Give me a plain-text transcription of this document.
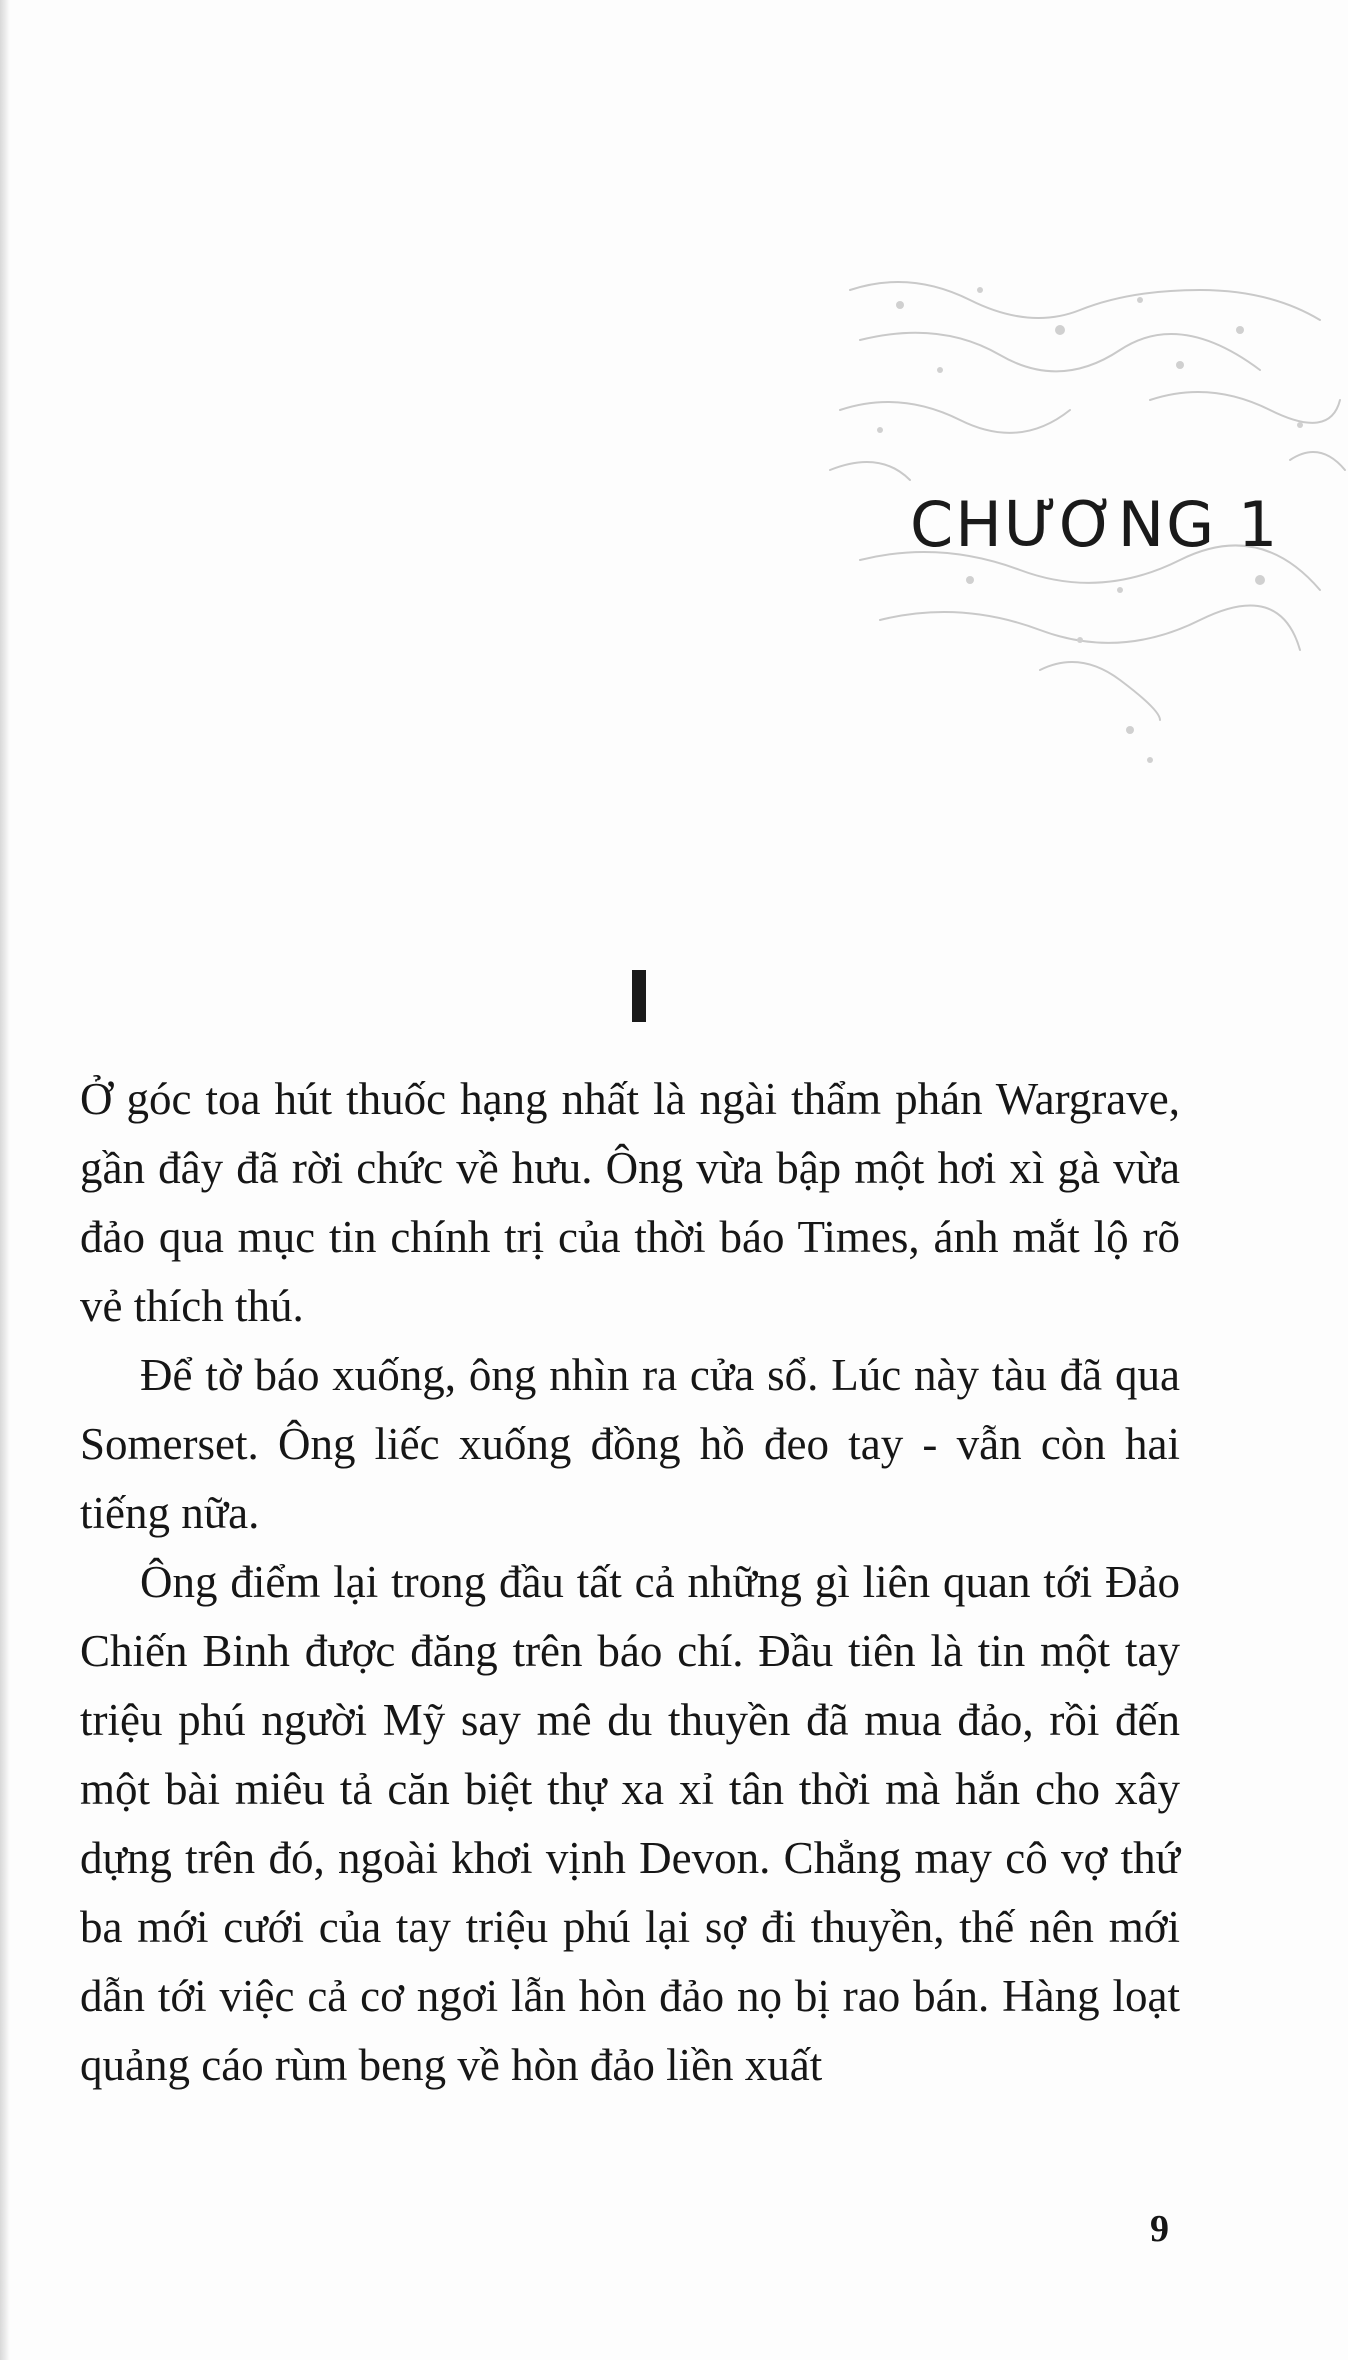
CHƯƠNG 1

Ở góc toa hút thuốc hạng nhất là ngài thẩm phán Wargrave, gần đây đã rời chức về hưu. Ông vừa bập một hơi xì gà vừa đảo qua mục tin chính trị của thời báo Times, ánh mắt lộ rõ vẻ thích thú.

Để tờ báo xuống, ông nhìn ra cửa sổ. Lúc này tàu đã qua Somerset. Ông liếc xuống đồng hồ đeo tay - vẫn còn hai tiếng nữa.

Ông điểm lại trong đầu tất cả những gì liên quan tới Đảo Chiến Binh được đăng trên báo chí. Đầu tiên là tin một tay triệu phú người Mỹ say mê du thuyền đã mua đảo, rồi đến một bài miêu tả căn biệt thự xa xỉ tân thời mà hắn cho xây dựng trên đó, ngoài khơi vịnh Devon. Chẳng may cô vợ thứ ba mới cưới của tay triệu phú lại sợ đi thuyền, thế nên mới dẫn tới việc cả cơ ngơi lẫn hòn đảo nọ bị rao bán. Hàng loạt quảng cáo rùm beng về hòn đảo liền xuất

9
